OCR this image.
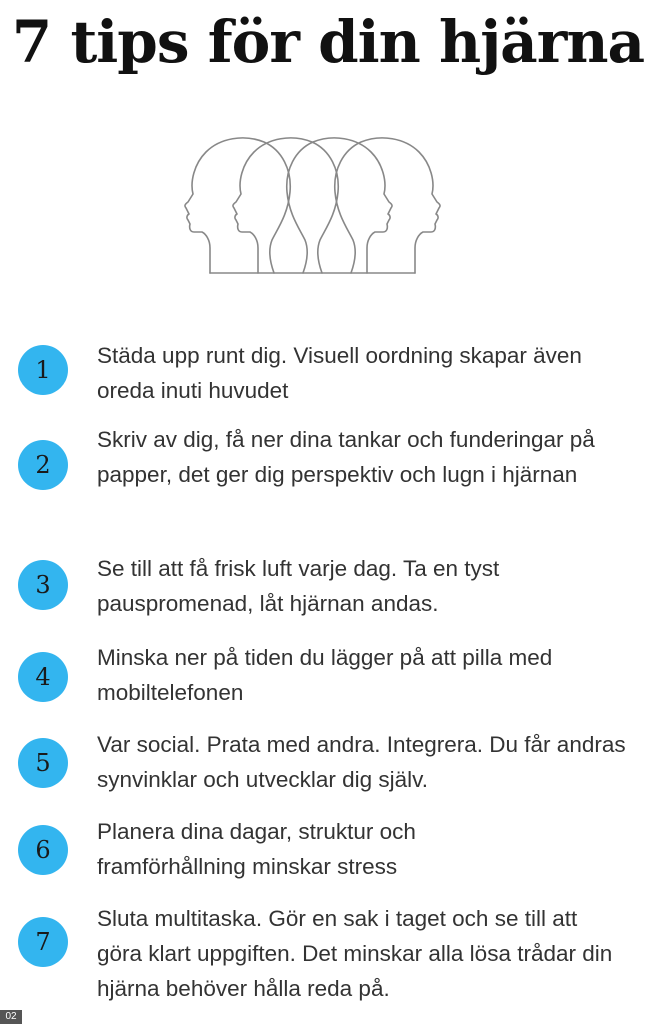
7 tips för din hjärna
1

Städa upp runt dig. Visuell oordning skapar även oreda inuti huvudet

2

Skriv av dig, få ner dina tankar och funderingar på papper, det ger dig perspektiv och lugn i hjärnan

3

Se till att få frisk luft varje dag. Ta en tyst pauspromenad, låt hjärnan andas.

4

Minska ner på tiden du lägger på att pilla med mobiltelefonen

5

Var social. Prata med andra. Integrera. Du får andras synvinklar och utvecklar dig själv.

6

Planera dina dagar, struktur och framförhållning minskar stress

7

Sluta multitaska. Gör en sak i taget och se till att göra klart uppgiften. Det minskar alla lösa trådar din hjärna behöver hålla reda på.

02
